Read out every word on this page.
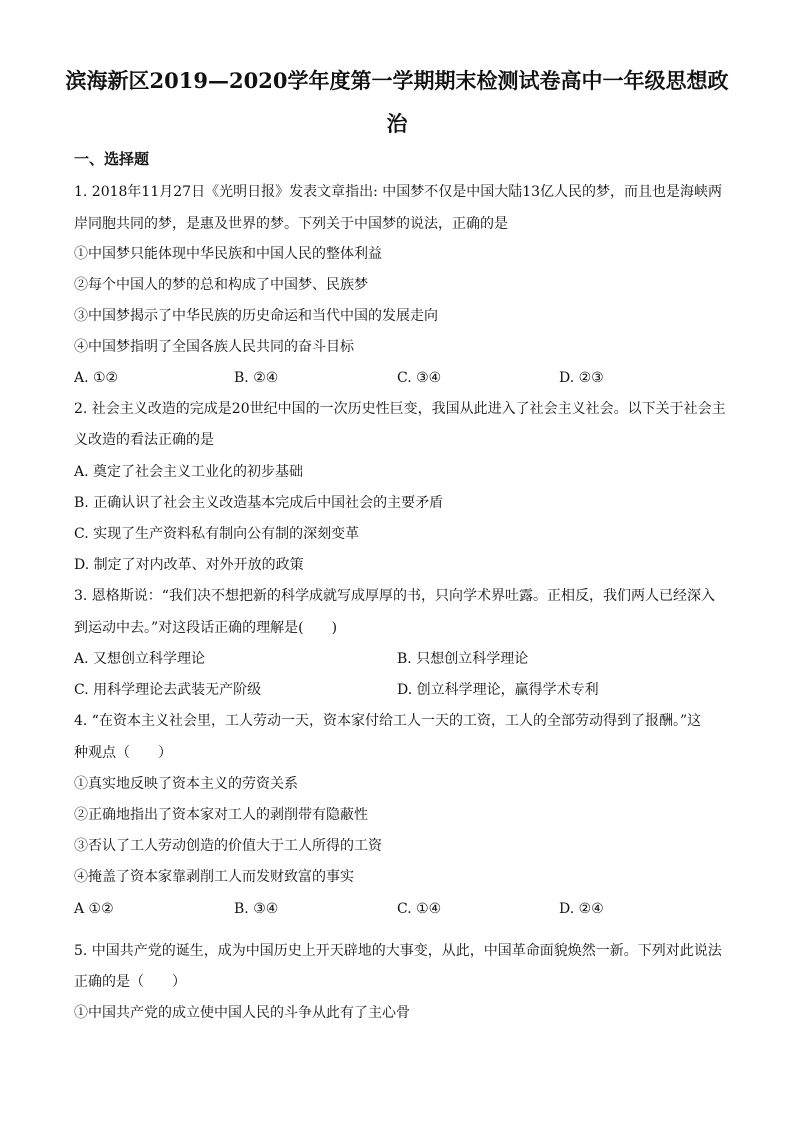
滨海新区2019—2020学年度第一学期期末检测试卷高中一年级思想政
治
一、选择题
1. 2018年11月27日《光明日报》发表文章指出: 中国梦不仅是中国大陆13亿人民的梦，而且也是海峡两
岸同胞共同的梦，是惠及世界的梦。下列关于中国梦的说法，正确的是
①中国梦只能体现中华民族和中国人民的整体利益
②每个中国人的梦的总和构成了中国梦、民族梦
③中国梦揭示了中华民族的历史命运和当代中国的发展走向
④中国梦指明了全国各族人民共同的奋斗目标
A. ①②	B. ②④	C. ③④	D. ②③
2. 社会主义改造的完成是20世纪中国的一次历史性巨变，我国从此进入了社会主义社会。以下关于社会主
义改造的看法正确的是
A. 奠定了社会主义工业化的初步基础
B. 正确认识了社会主义改造基本完成后中国社会的主要矛盾
C. 实现了生产资料私有制向公有制的深刻变革
D. 制定了对内改革、对外开放的政策
3. 恩格斯说：“我们决不想把新的科学成就写成厚厚的书，只向学术界吐露。正相反，我们两人已经深入
到运动中去。”对这段话正确的理解是(　　)
A. 又想创立科学理论	B. 只想创立科学理论
C. 用科学理论去武装无产阶级	D. 创立科学理论，赢得学术专利
4. “在资本主义社会里，工人劳动一天，资本家付给工人一天的工资，工人的全部劳动得到了报酬。”这
种观点（　　）
①真实地反映了资本主义的劳资关系
②正确地指出了资本家对工人的剥削带有隐蔽性
③否认了工人劳动创造的价值大于工人所得的工资
④掩盖了资本家靠剥削工人而发财致富的事实
A ①②	B. ③④	C. ①④	D. ②④
5. 中国共产党的诞生，成为中国历史上开天辟地的大事变，从此，中国革命面貌焕然一新。下列对此说法
正确的是（　　）
①中国共产党的成立使中国人民的斗争从此有了主心骨
